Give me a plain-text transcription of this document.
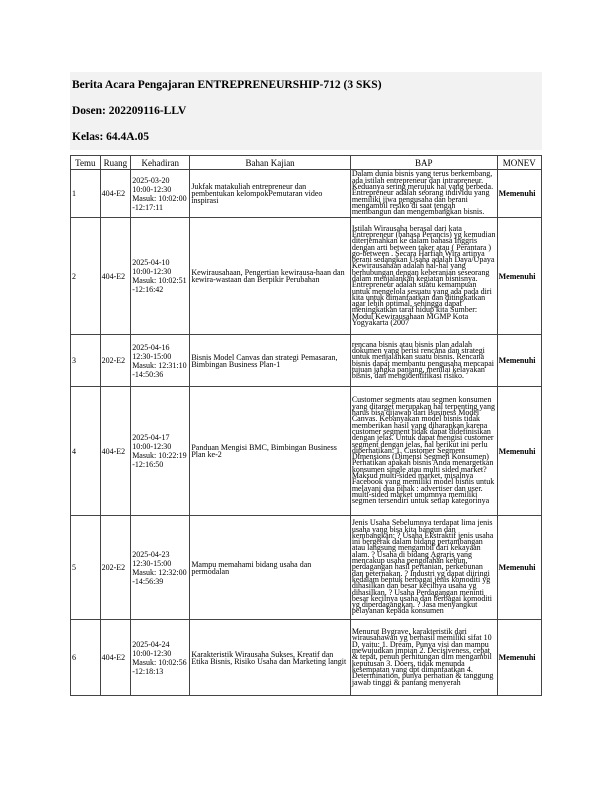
Berita Acara Pengajaran ENTREPRENEURSHIP-712 (3 SKS)
Dosen: 202209116-LLV
Kelas: 64.4A.05
Temu	Ruang	Kehadiran	Bahan Kajian	BAP	MONEV
1	404-E2	2025-03-20 10:00-12:30 Masuk: 10:02:00 -12:17:11	Jukfak matakuliah entrepreneur dan pembentukan kelompokPemutaran video inspirasi	Dalam dunia bisnis yang terus berkembang, ada istilah entrepreneur dan intrapreneur. Keduanya sering merujuk hal yang berbeda. Entrepreneur adalah seorang individu yang memiliki jiwa pengusaha dan berani mengambil resiko di saat tengah membangun dan mengembangkan bisnis.	Memenuhi
2	404-E2	2025-04-10 10:00-12:30 Masuk: 10:02:51 -12:16:42	Kewirausahaan, Pengertian kewirausa-haan dan kewira-wastaan dan Berpikir Perubahan	Istilah Wirausaha berasal dari kata Entrepreneur (bahasa Perancis) yg kemudian diterjemahkan ke dalam bahasa Inggris dengan arti between taker atau ( Perantara ) go-between . Secara Harfiah Wira artinya berani sedangkan Usaha adalah Daya/Upaya Kewirausahaan adalah hal-hal yang berhubungan dengan keberanian seseorang dalam menjalankan kegiatan bisnisnya. Entrepreneur adalah suatu kemampuan untuk mengelola sesuatu yang ada pada diri kita untuk dimanfaatkan dan ditingkatkan agar lebih optimal, sehingga dapat meningkatkan taraf hidup kita Sumber: Modul Kewirausahaan MGMP Kota Yogyakarta (2007	Memenuhi
3	202-E2	2025-04-16 12:30-15:00 Masuk: 12:31:10 -14:50:36	Bisnis Model Canvas dan strategi Pemasaran, Bimbingan Business Plan-1	rencana bisnis atau bisnis plan adalah dokumen yang berisi rencana dan strategi untuk menjalankan suatu bisnis. Rencana bisnis dapat membantu pengusaha mencapai tujuan jangka panjang, menilai kelayakan bisnis, dan mengidentifikasi risiko.	Memenuhi
4	404-E2	2025-04-17 10:00-12:30 Masuk: 10:22:19 -12:16:50	Panduan Mengisi BMC, Bimbingan Business Plan ke-2	Customer segments atau segmen konsumen yang ditarget merupakan hal terpenting yang harus bisa dijawab dari Business Model Canvas. Kebanyakan model bisnis tidak memberikan hasil yang diharapkan karena customer segment tidak dapat didefinisikan dengan jelas. Untuk dapat mengisi customer segment dengan jelas, hal berikut ini perlu diperhatikan: 1. Customer Segment Dimensions (Dimensi Segmen Konsumen) Perhatikan apakah bisnis Anda menargetkan konsumen single atau multi sided market? Maksud multi-sided market, misalnya Facebook yang memiliki model bisnis untuk melayani dua pihak : advertiser dan user. multi-sided market umumnya memiliki segmen tersendiri untuk setiap kategorinya	Memenuhi
5	202-E2	2025-04-23 12:30-15:00 Masuk: 12:32:00 -14:56:39	Mampu memahami bidang usaha dan permodalan	Jenis Usaha Sebelumnya terdapat lima jenis usaha yang bisa kita bangun dan kembangkan: ? Usaha Ekstraktif jenis usaha ini bergerak dalam bidang pertambangan atau langsung mengambil dari kekayaan alam. ? Usaha di bidang Agraris yang mencakup usaha pengolahan kebun, perdagangan hasil pertanian, perkebunan dan peternakan. ? Industri yg dapat diiringi kedalam bentuk berbagai jenis komoditi yg dihasilkan dan besar kecilnya usaha yg dihasilkan. ? Usaha Perdagangan meninti besar kecilnya usaha dan berbagai komoditi yg diperdagangkan. ? Jasa menyangkut pelayanan kepada konsumen	Memenuhi
6	404-E2	2025-04-24 10:00-12:30 Masuk: 10:02:56 -12:18:13	Karakteristik Wirausaha Sukses, Kreatif dan Etika Bisnis, Risiko Usaha dan Marketing langit	Menurut Bygrave, karakteristik dari wirausahawan yg berhasil memiliki sifat 10 D, yaitu: 1. Dream, Punya visi dan mampu mewujudkan impian 2. Decisiveness, cepat & tepat, penuh perhitungan dlm mengambil keputusan 3. Doers, tidak menunda kesempatan yang dpt dimanfaatkan 4. Determination, punya perhatian & tanggung jawab tinggi & pantang menyerah	Memenuhi
